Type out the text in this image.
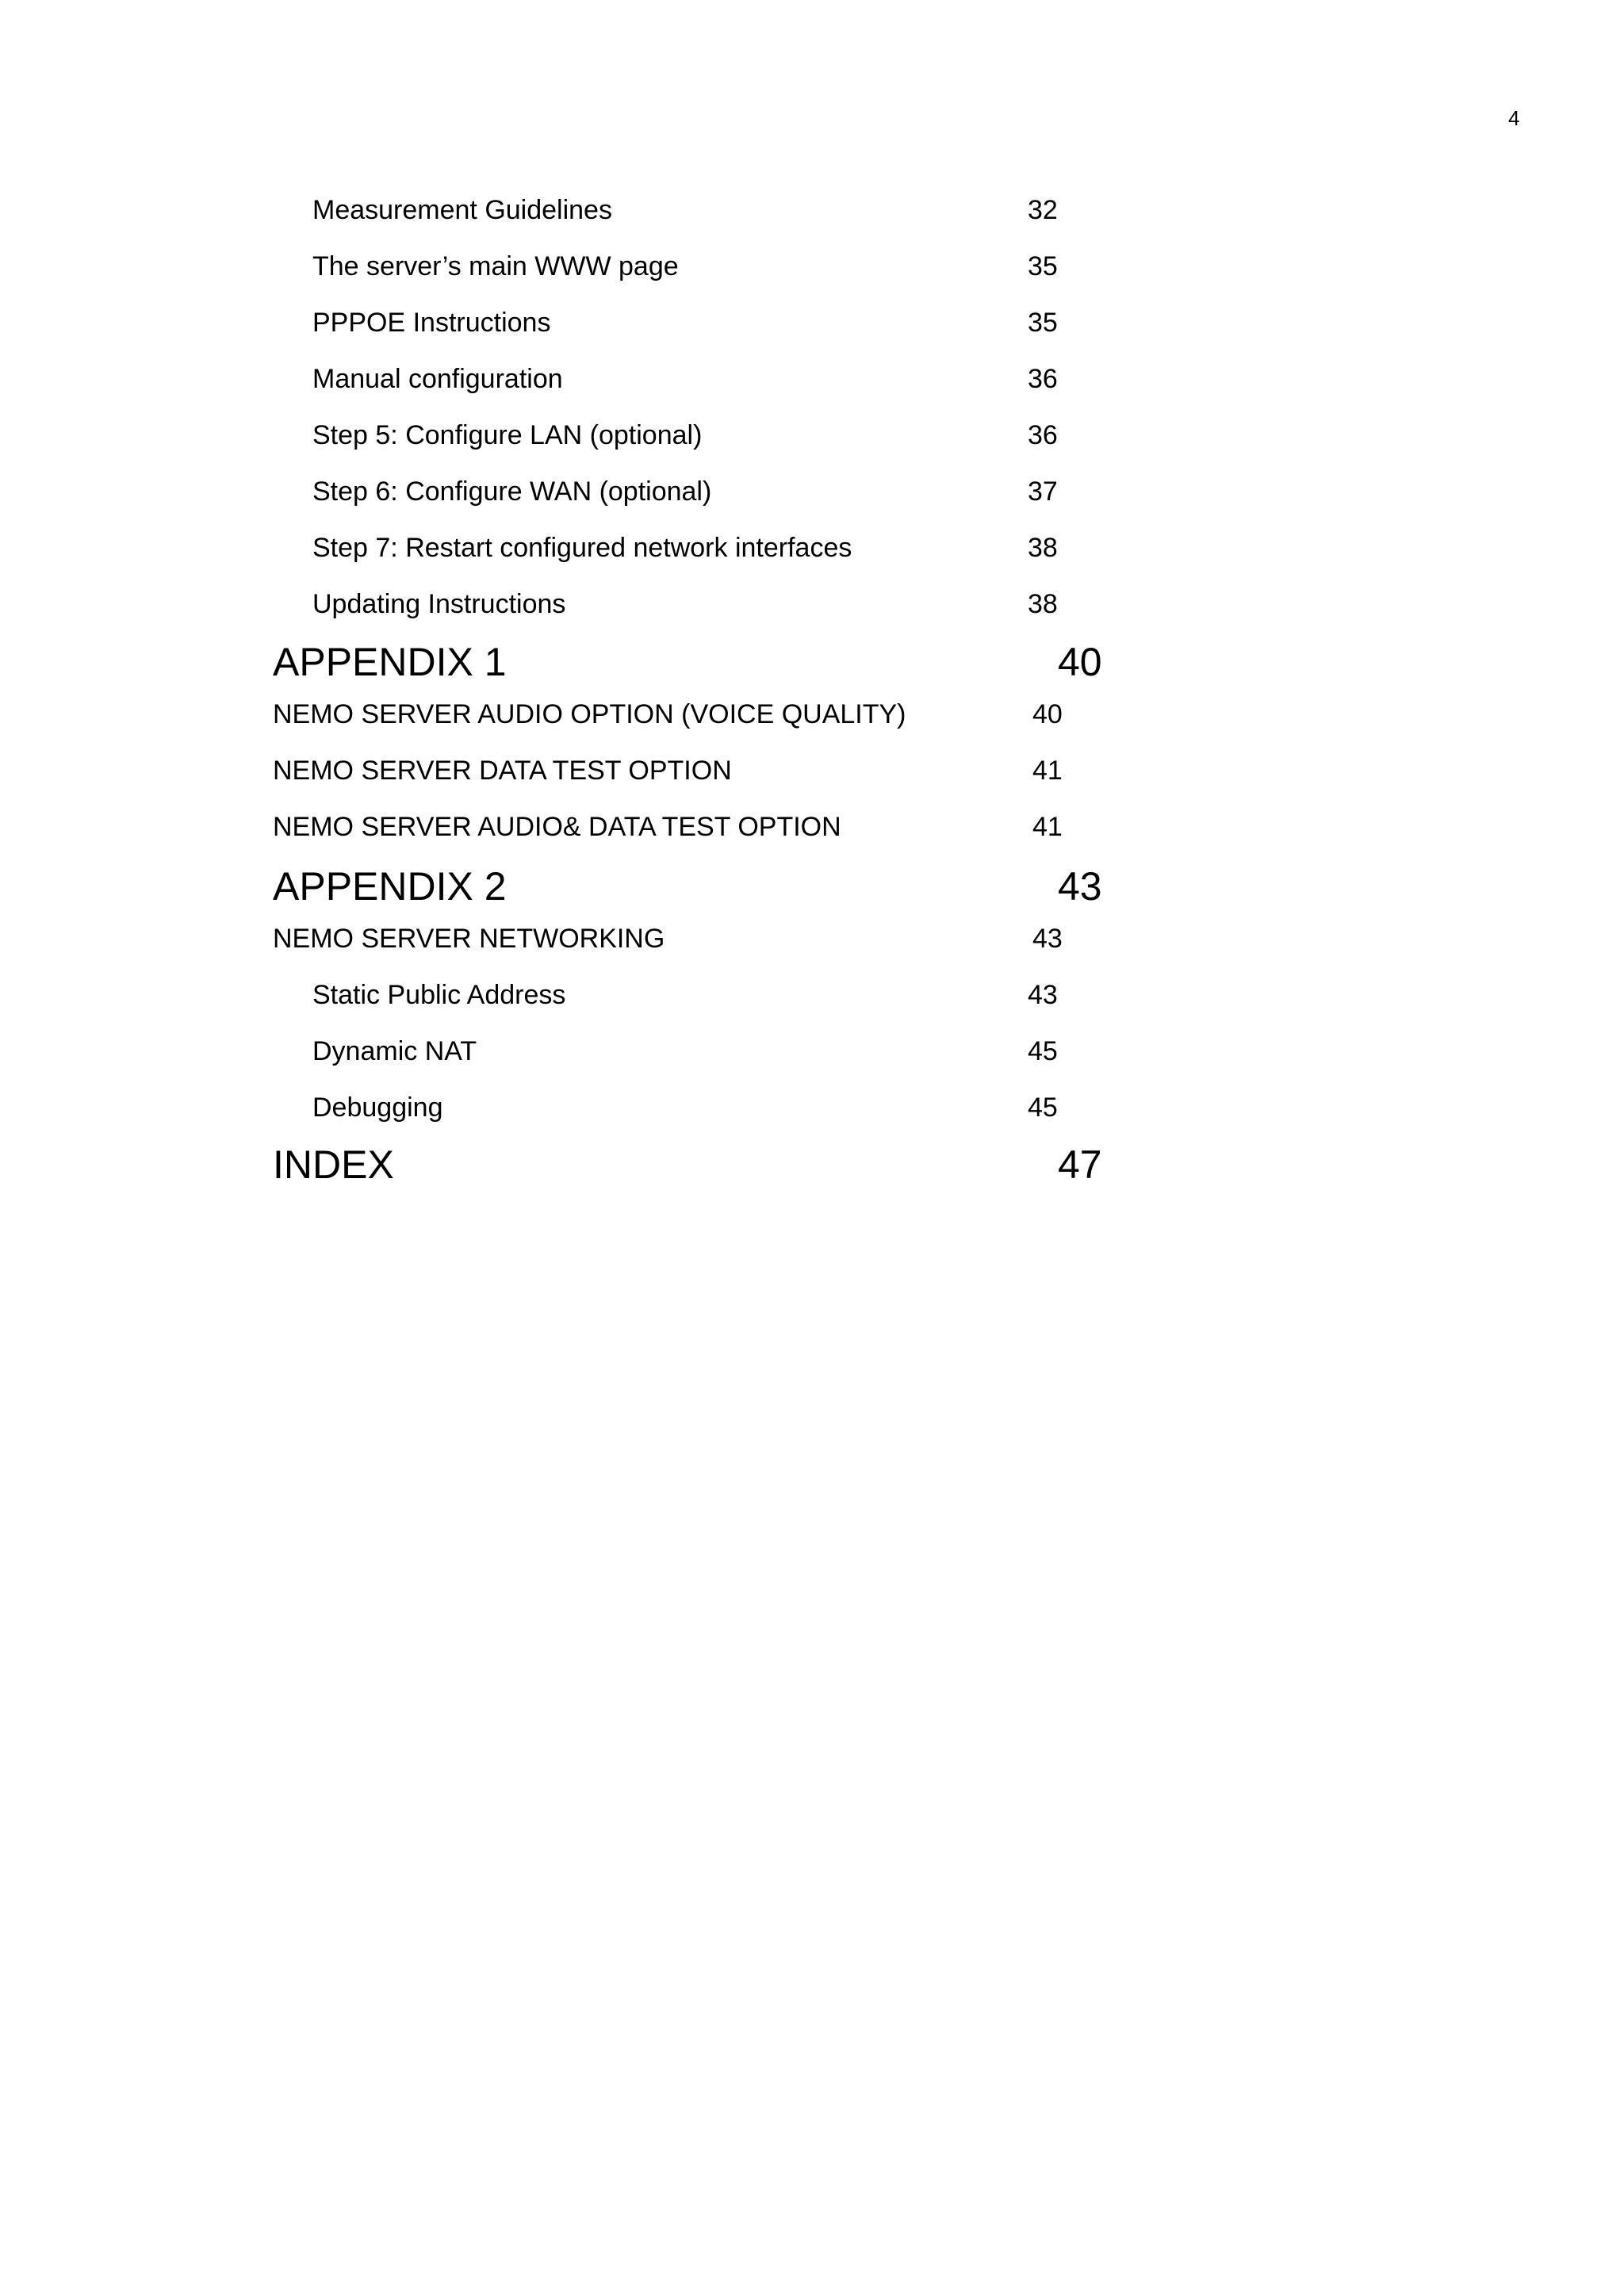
4
Measurement Guidelines	32
The server’s main WWW page	35
PPPOE Instructions	35
Manual configuration	36
Step 5: Configure LAN (optional)	36
Step 6: Configure WAN (optional)	37
Step 7: Restart configured network interfaces	38
Updating Instructions	38
APPENDIX 1	40
NEMO SERVER AUDIO OPTION (VOICE QUALITY)	40
NEMO SERVER DATA TEST OPTION	41
NEMO SERVER AUDIO& DATA TEST OPTION	41
APPENDIX 2	43
NEMO SERVER NETWORKING	43
Static Public Address	43
Dynamic NAT	45
Debugging	45
INDEX	47
